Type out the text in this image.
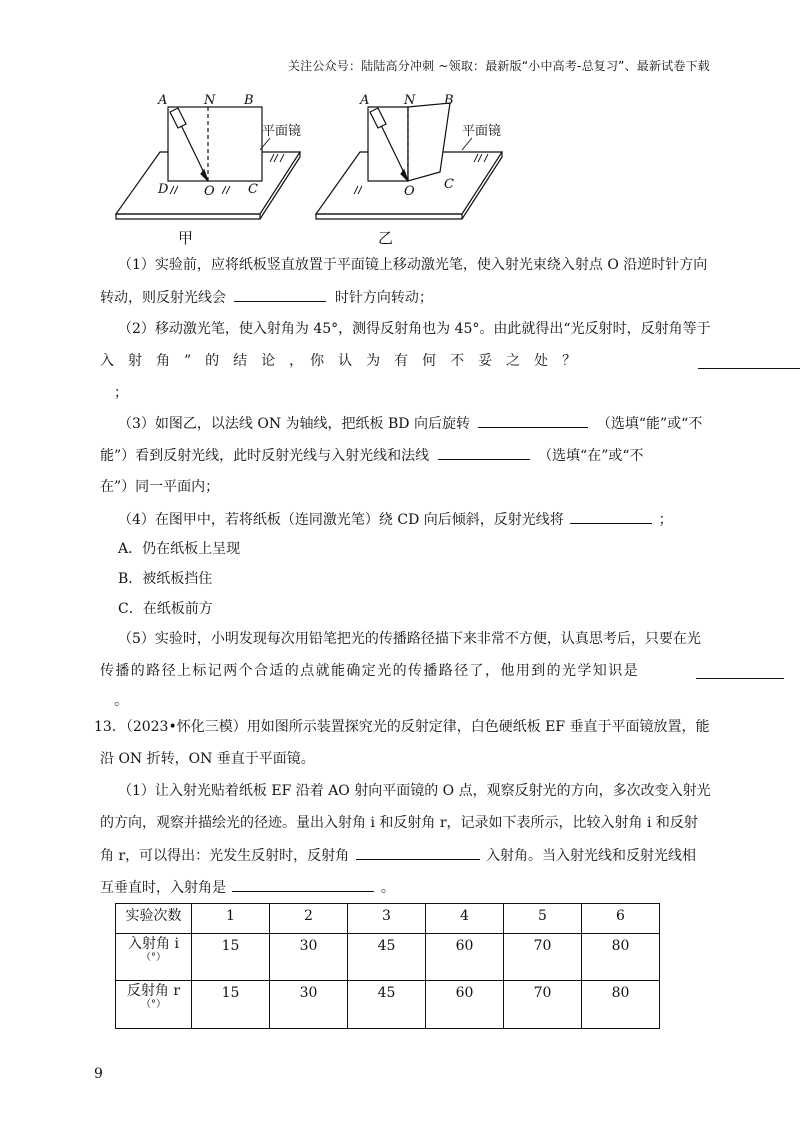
关注公众号：陆陆高分冲刺 ~领取：最新版“小中高考-总复习”、最新试卷下载
A	N B
D	O	C
A	N B
O C
平面镜	平面镜
甲	乙
（1）实验前，应将纸板竖直放置于平面镜上移动激光笔，使入射光束绕入射点 O 沿逆时针方向
转动，则反射光线会	时针方向转动；
（2）移动激光笔，使入射角为 45°，测得反射角也为 45°。由此就得出“光反射时，反射角等于
入　射　角　”　的　结　论　，　你　认　为　有　何　不　妥　之　处　？
；
（3）如图乙，以法线 ON 为轴线，把纸板 BD 向后旋转	（选填“能”或“不
能”）看到反射光线，此时反射光线与入射光线和法线	（选填“在”或“不
在”）同一平面内；
（4）在图甲中，若将纸板（连同激光笔）绕 CD 向后倾斜，反射光线将	；
A．仍在纸板上呈现
B．被纸板挡住
C．在纸板前方
（5）实验时，小明发现每次用铅笔把光的传播路径描下来非常不方便，认真思考后，只要在光
传播的路径上标记两个合适的点就能确定光的传播路径了，他用到的光学知识是
。
13．（2023•怀化三模）用如图所示装置探究光的反射定律，白色硬纸板 EF 垂直于平面镜放置，能
沿 ON 折转，ON 垂直于平面镜。
（1）让入射光贴着纸板 EF 沿着 AO 射向平面镜的 O 点，观察反射光的方向，多次改变入射光
的方向，观察并描绘光的径迹。量出入射角 i 和反射角 r，记录如下表所示，比较入射角 i 和反射
角 r，可以得出：光发生反射时，反射角	入射角。当入射光线和反射光线相
互垂直时，入射角是	。
实验次数	1	2	3	4	5	6

入射角 i
（°）	15	30	45	60	70	80

反射角 r
（°）	15	30	45	60	70	80
9
